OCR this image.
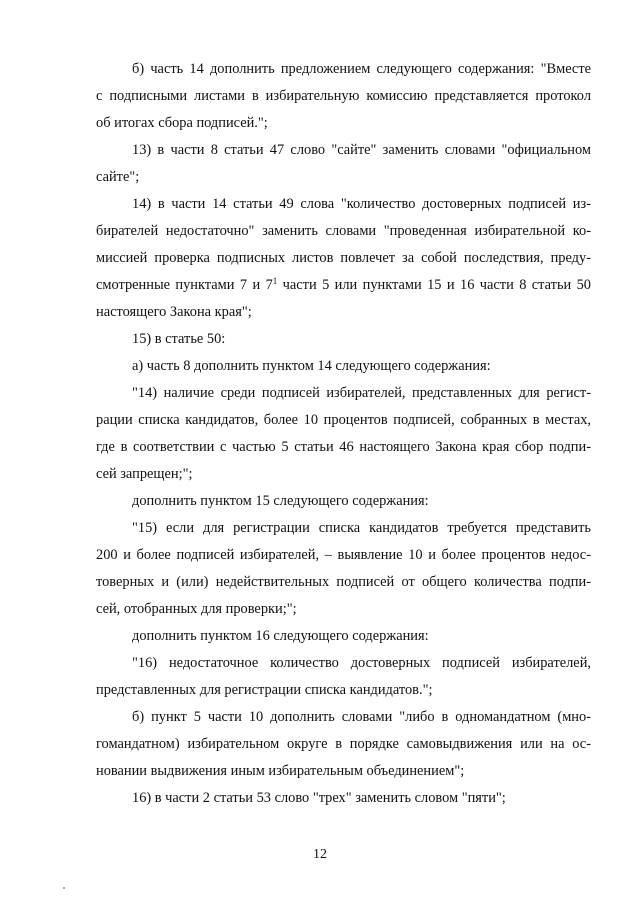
б) часть 14 дополнить предложением следующего содержания: "Вместе
с подписными листами в избирательную комиссию представляется протокол
об итогах сбора подписей.";
13) в части 8 статьи 47 слово "сайте" заменить словами "официальном
сайте";
14) в части 14 статьи 49 слова "количество достоверных подписей из-
бирателей недостаточно" заменить словами "проведенная избирательной ко-
миссией проверка подписных листов повлечет за собой последствия, преду-
смотренные пунктами 7 и $7^1$ части 5 или пунктами 15 и 16 части 8 статьи 50
настоящего Закона края";
15) в статье 50:
а) часть 8 дополнить пунктом 14 следующего содержания:
"14) наличие среди подписей избирателей, представленных для регист-
рации списка кандидатов, более 10 процентов подписей, собранных в местах,
где в соответствии с частью 5 статьи 46 настоящего Закона края сбор подпи-
сей запрещен;";
дополнить пунктом 15 следующего содержания:
"15) если для регистрации списка кандидатов требуется представить
200 и более подписей избирателей, – выявление 10 и более процентов недос-
товерных и (или) недействительных подписей от общего количества подпи-
сей, отобранных для проверки;";
дополнить пунктом 16 следующего содержания:
"16) недостаточное количество достоверных подписей избирателей,
представленных для регистрации списка кандидатов.";
б) пункт 5 части 10 дополнить словами "либо в одномандатном (мно-
гомандатном) избирательном округе в порядке самовыдвижения или на ос-
новании выдвижения иным избирательным объединением";
16) в части 2 статьи 53 слово "трех" заменить словом "пяти";
12
